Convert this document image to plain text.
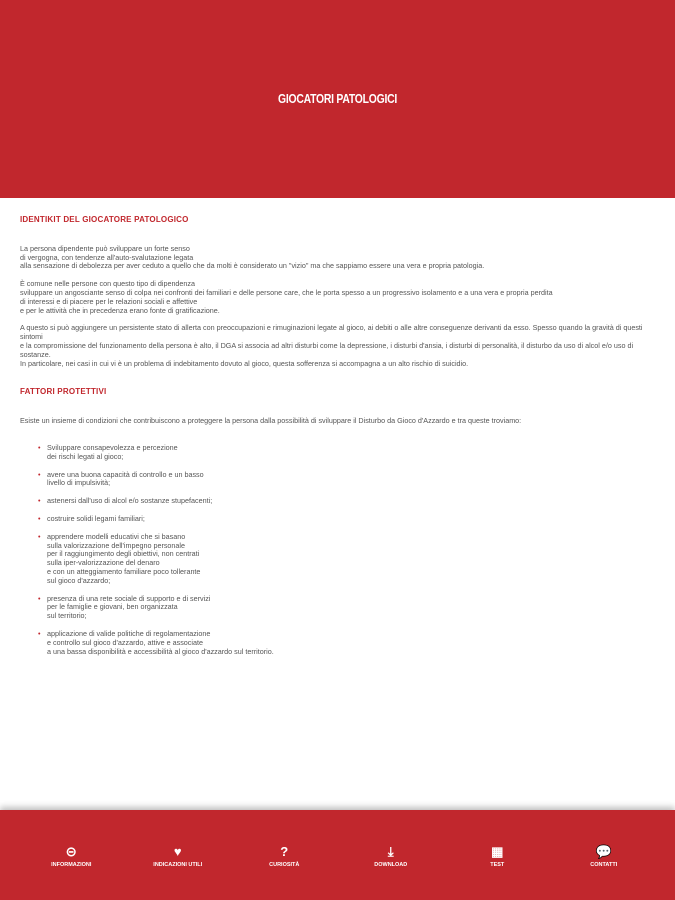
GIOCATORI PATOLOGICI
IDENTIKIT DEL GIOCATORE PATOLOGICO

La persona dipendente può sviluppare un forte senso
di vergogna, con tendenze all'auto-svalutazione legata
alla sensazione di debolezza per aver ceduto a quello che da molti è considerato un "vizio" ma che sappiamo essere una vera e propria patologia.

È comune nelle persone con questo tipo di dipendenza
sviluppare un angosciante senso di colpa nei confronti dei familiari e delle persone care, che le porta spesso a un progressivo isolamento e a una vera e propria perdita
di interessi e di piacere per le relazioni sociali e affettive
e per le attività che in precedenza erano fonte di gratificazione.

A questo si può aggiungere un persistente stato di allerta con preoccupazioni e rimuginazioni legate al gioco, ai debiti o alle altre conseguenze derivanti da esso. Spesso quando la gravità di questi sintomi
e la compromissione del funzionamento della persona è alto, il DGA si associa ad altri disturbi come la depressione, i disturbi d'ansia, i disturbi di personalità, il disturbo da uso di alcol e/o uso di sostanze.
In particolare, nei casi in cui vi è un problema di indebitamento dovuto al gioco, questa sofferenza si accompagna a un alto rischio di suicidio.

FATTORI PROTETTIVI

Esiste un insieme di condizioni che contribuiscono a proteggere la persona dalla possibilità di sviluppare il Disturbo da Gioco d'Azzardo e tra queste troviamo:

• Sviluppare consapevolezza e percezione
dei rischi legati al gioco;
• avere una buona capacità di controllo e un basso
livello di impulsività;
• astenersi dall'uso di alcol e/o sostanze stupefacenti;
• costruire solidi legami familiari;
• apprendere modelli educativi che si basano
sulla valorizzazione dell'impegno personale
per il raggiungimento degli obiettivi, non centrati
sulla iper-valorizzazione del denaro
e con un atteggiamento familiare poco tollerante
sul gioco d'azzardo;
• presenza di una rete sociale di supporto e di servizi
per le famiglie e giovani, ben organizzata
sul territorio;
• applicazione di valide politiche di regolamentazione
e controllo sul gioco d'azzardo, attive e associate
a una bassa disponibilità e accessibilità al gioco d'azzardo sul territorio.
⊝
INFORMAZIONI
♥
INDICAZIONI UTILI
?
CURIOSITÀ
⤓
DOWNLOAD
▦
TEST
💬
CONTATTI
